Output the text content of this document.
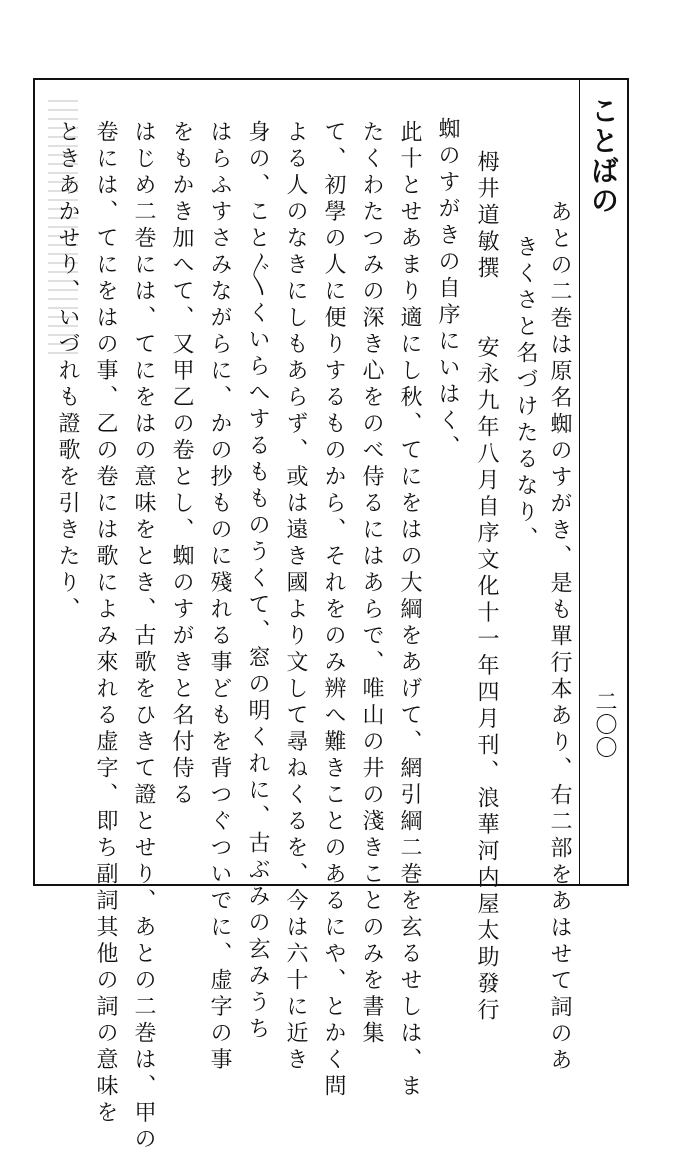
ことばの
二〇〇
あとの二巻は原名蜘のすがき、是も單行本あり、右二部をあはせて詞のあ
きくさと名づけたるなり、
栂井道敏撰　　安永九年八月自序文化十一年四月刊、浪華河内屋太助發行
蜘のすがきの自序にいはく、
此十とせあまり適にし秋、てにをはの大綱をあげて、網引綱二巻を玄るせしは、ま
たくわたつみの深き心をのべ侍るにはあらで、唯山の井の淺きことのみを書集
て、初學の人に便りするものから、それをのみ辨へ難きことのあるにや、とかく問
よる人のなきにしもあらず、或は遠き國より文して尋ねくるを、今は六十に近き
身の、こと〴〵くいらへするもものうくて、窓の明くれに、古ぶみの玄みうち
はらふすさみながらに、かの抄ものに殘れる事どもを背つぐついでに、虚字の事
をもかき加へて、又甲乙の卷とし、蜘のすがきと名付侍る
はじめ二巻には、てにをはの意味をとき、古歌をひきて證とせり、あとの二巻は、甲の
卷には、てにをはの事、乙の卷には歌によみ來れる虚字、即ち副詞其他の詞の意味を
ときあかせり、いづれも證歌を引きたり、
